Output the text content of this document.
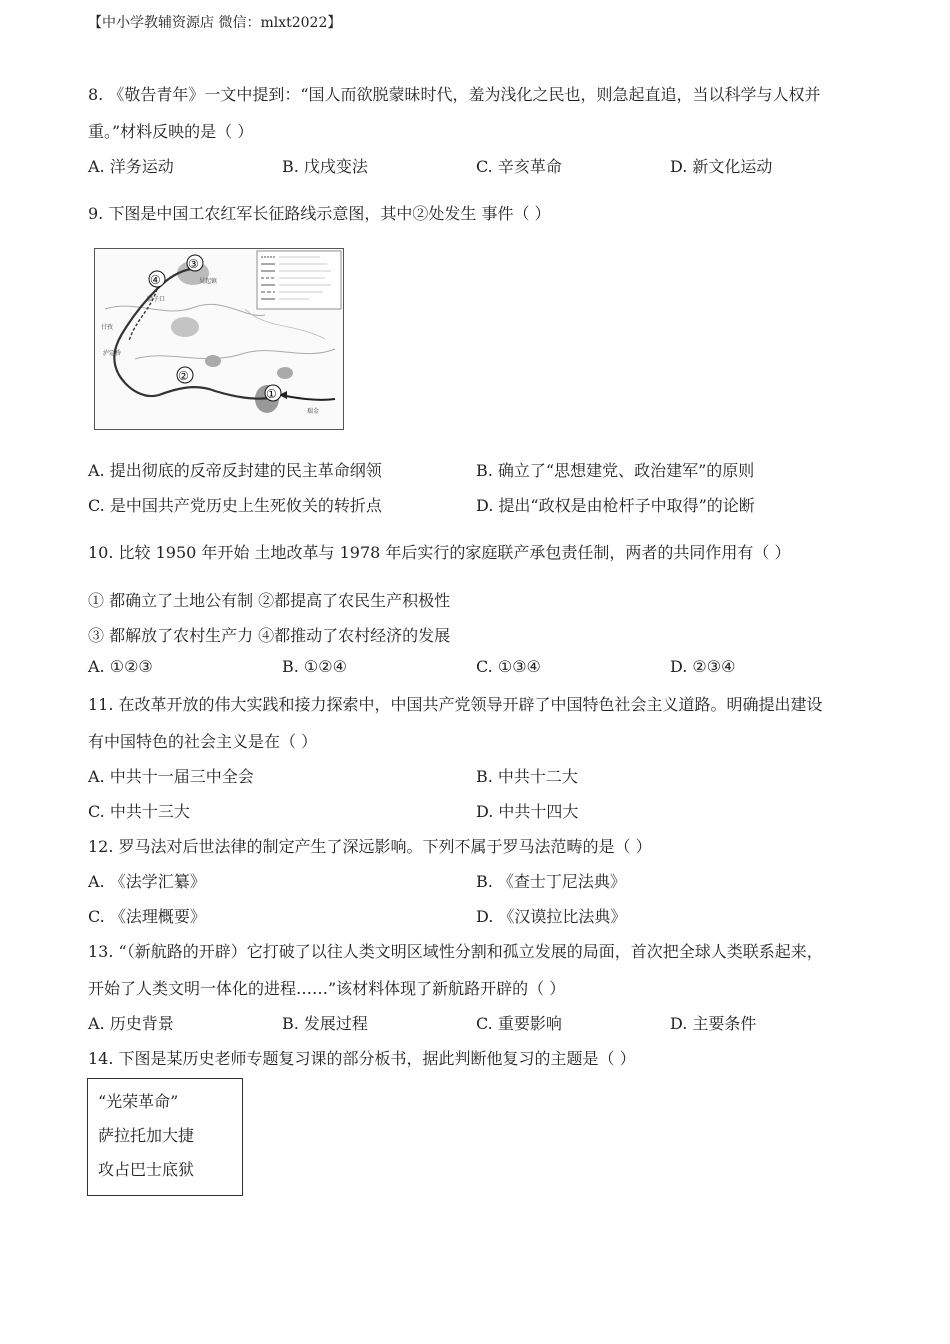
【中小学教辅资源店 微信：mlxt2022】
8. 《敬告青年》一文中提到：“国人而欲脱蒙昧时代，羞为浅化之民也，则急起直追，当以科学与人权并
重。”材料反映的是（ ）
A. 洋务运动	B. 戊戌变法	C. 辛亥革命	D. 新文化运动
9. 下图是中国工农红军长征路线示意图，其中②处发生 事件（ ）
④
③
②
①
吴起镇
腊子口
甘孜
泸定桥
瑞金
A. 提出彻底的反帝反封建的民主革命纲领	B. 确立了“思想建党、政治建军”的原则
C. 是中国共产党历史上生死攸关的转折点	D. 提出“政权是由枪杆子中取得”的论断
10. 比较 1950 年开始 土地改革与 1978 年后实行的家庭联产承包责任制，两者的共同作用有（ ）
① 都确立了土地公有制 ②都提高了农民生产积极性
③ 都解放了农村生产力 ④都推动了农村经济的发展
A. ①②③	B. ①②④	C. ①③④	D. ②③④
11. 在改革开放的伟大实践和接力探索中，中国共产党领导开辟了中国特色社会主义道路。明确提出建设
有中国特色的社会主义是在（ ）
A. 中共十一届三中全会	B. 中共十二大
C. 中共十三大	D. 中共十四大
12. 罗马法对后世法律的制定产生了深远影响。下列不属于罗马法范畴的是（ ）
A. 《法学汇纂》	B. 《查士丁尼法典》
C. 《法理概要》	D. 《汉谟拉比法典》
13. “（新航路的开辟）它打破了以往人类文明区域性分割和孤立发展的局面，首次把全球人类联系起来，
开始了人类文明一体化的进程……”该材料体现了新航路开辟的（ ）
A. 历史背景	B. 发展过程	C. 重要影响	D. 主要条件
14. 下图是某历史老师专题复习课的部分板书，据此判断他复习的主题是（ ）
“光荣革命”
萨拉托加大捷
攻占巴士底狱
